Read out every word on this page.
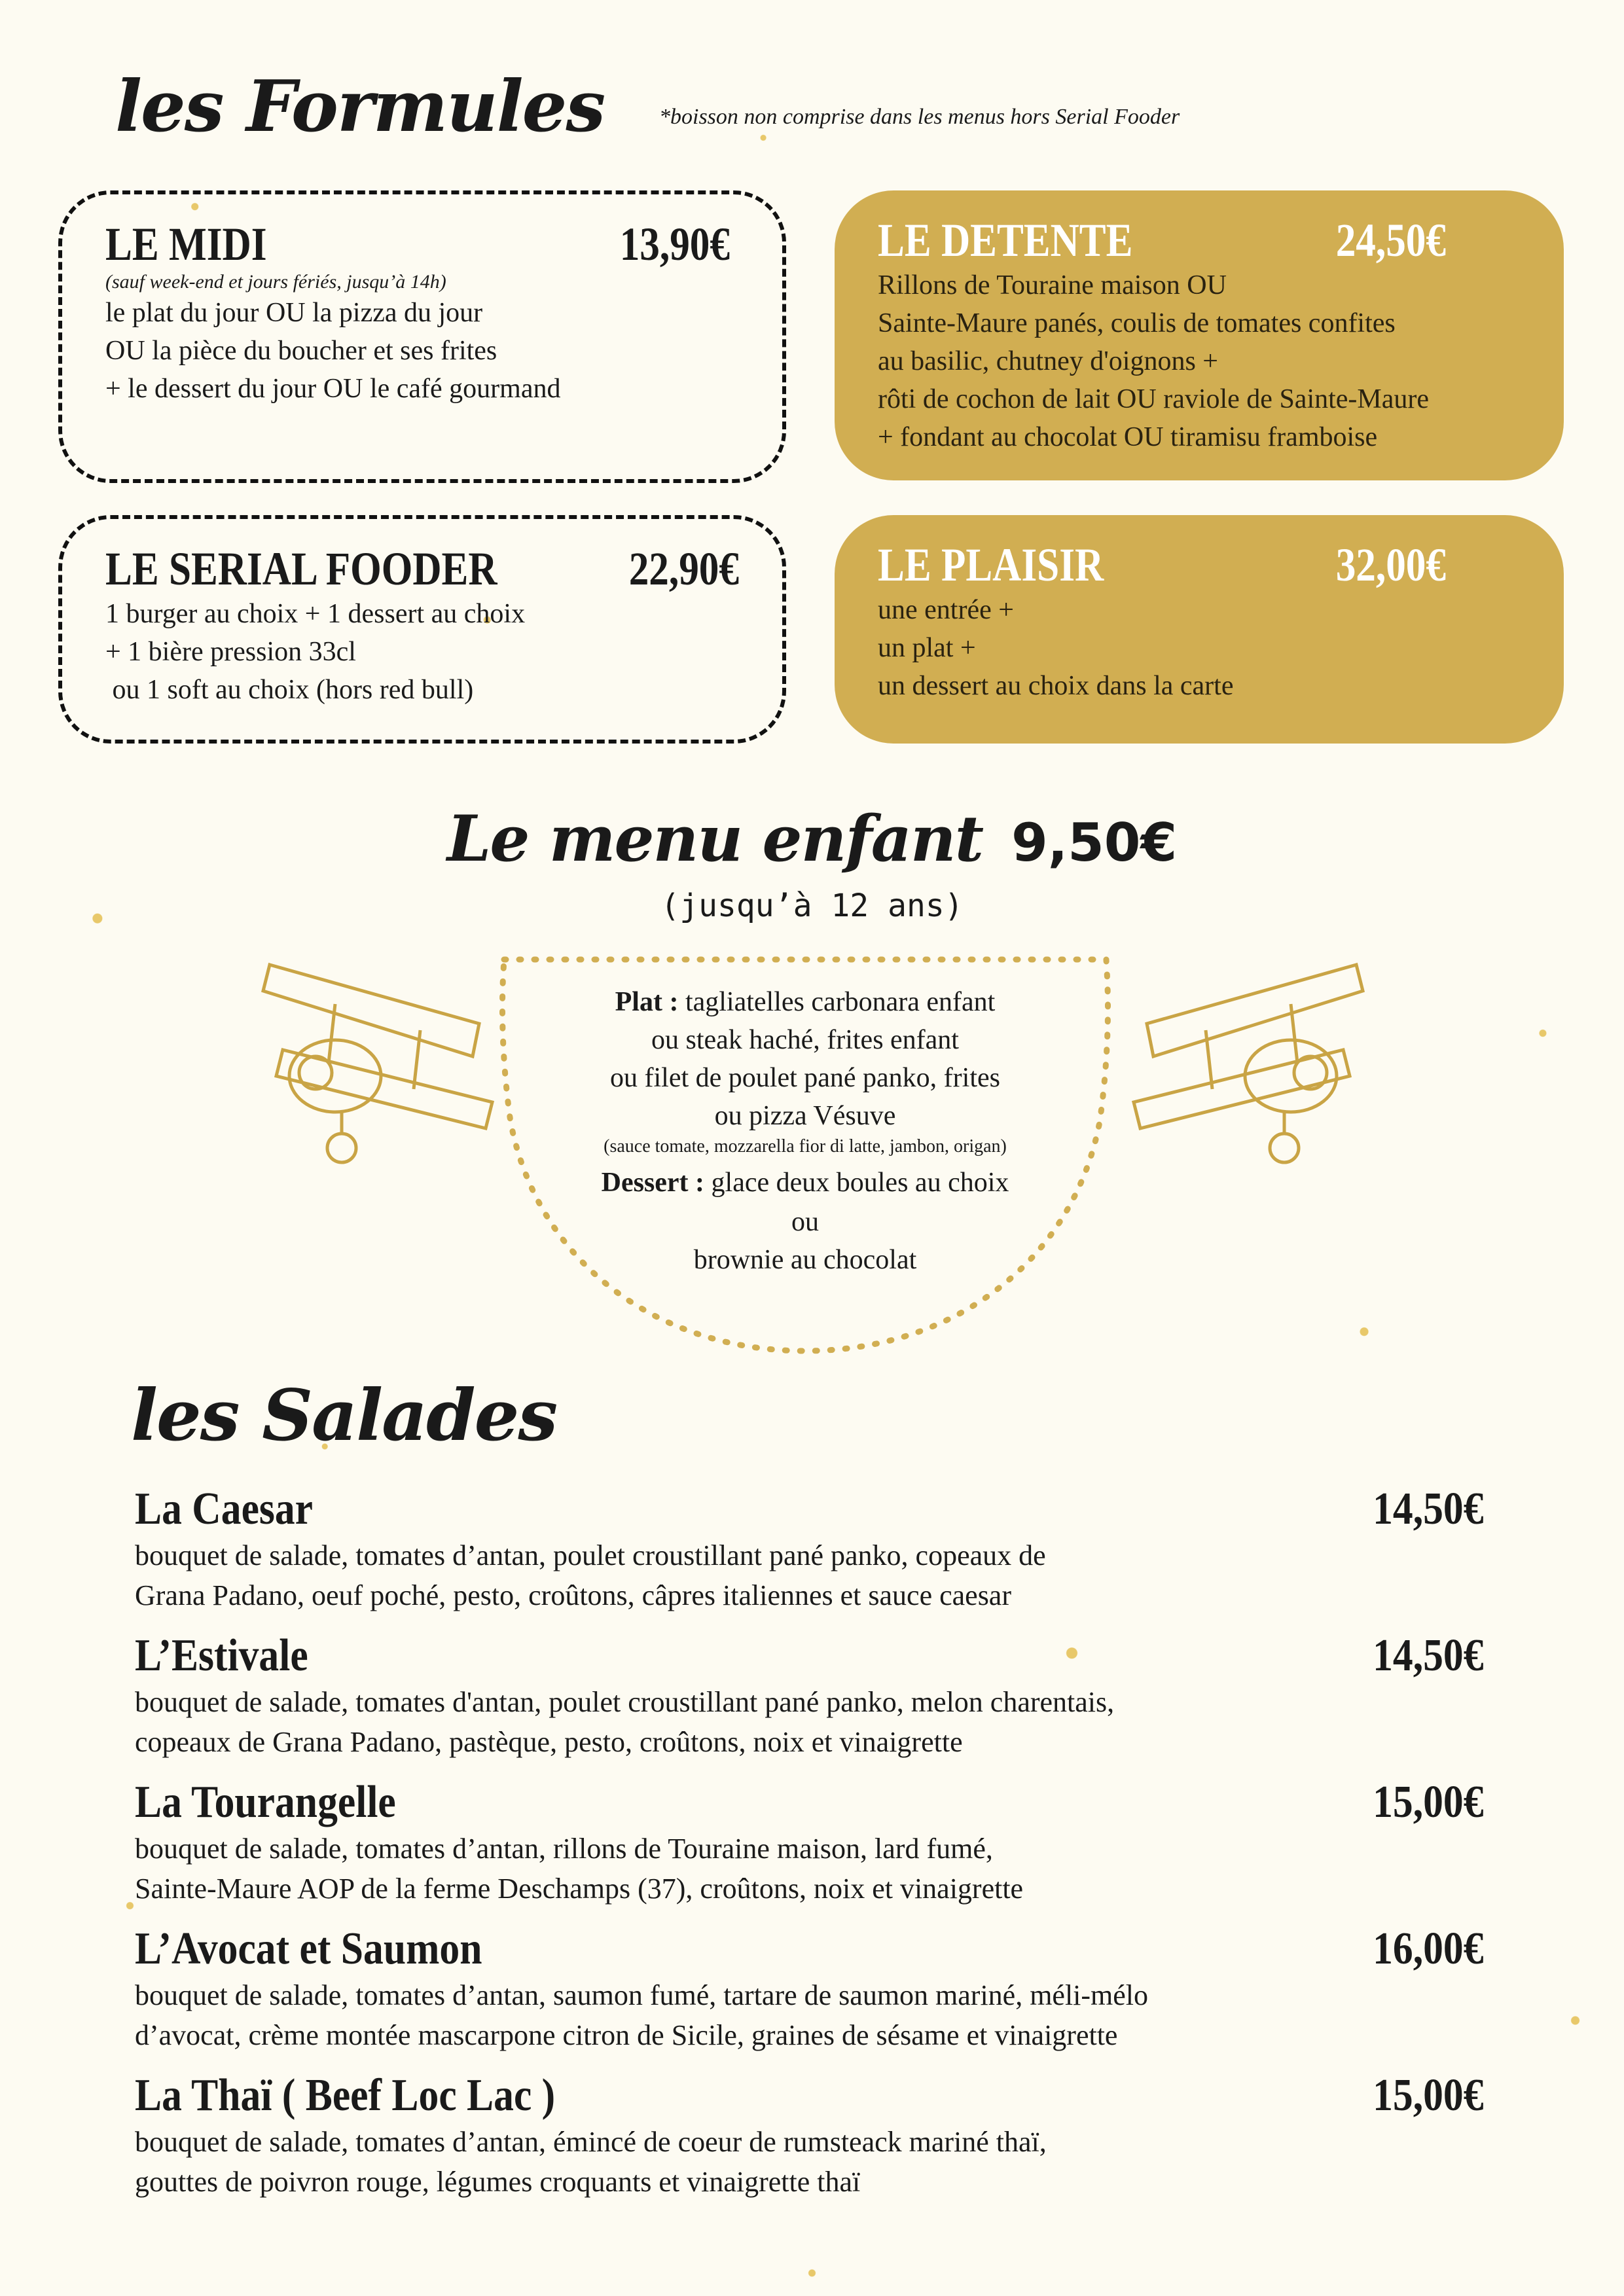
les Formules *boisson non comprise dans les menus hors Serial Fooder
LE MIDI	13,90€
(sauf week-end et jours fériés, jusqu’à 14h)
le plat du jour OU la pizza du jour
OU la pièce du boucher et ses frites
+ le dessert du jour OU le café gourmand
LE DETENTE	24,50€
Rillons de Touraine maison OU
Sainte-Maure panés, coulis de tomates confites
au basilic, chutney d'oignons +
rôti de cochon de lait OU raviole de Sainte-Maure
+ fondant au chocolat OU tiramisu framboise
LE SERIAL FOODER	22,90€
1 burger au choix + 1 dessert au choix
+ 1 bière pression 33cl
ou 1 soft au choix (hors red bull)
LE PLAISIR	32,00€
une entrée +
un plat +
un dessert au choix dans la carte
Le menu enfant 9,50€
(jusqu’à 12 ans)
Plat : tagliatelles carbonara enfant
ou steak haché, frites enfant
ou filet de poulet pané panko, frites
ou pizza Vésuve
(sauce tomate, mozzarella fior di latte, jambon, origan)
Dessert : glace deux boules au choix
ou
brownie au chocolat
les Salades
La Caesar	14,50€
bouquet de salade, tomates d’antan, poulet croustillant pané panko, copeaux de
Grana Padano, oeuf poché, pesto, croûtons, câpres italiennes et sauce caesar
L’Estivale	14,50€
bouquet de salade, tomates d'antan, poulet croustillant pané panko, melon charentais,
copeaux de Grana Padano, pastèque, pesto, croûtons, noix et vinaigrette
La Tourangelle	15,00€
bouquet de salade, tomates d’antan, rillons de Touraine maison, lard fumé,
Sainte-Maure AOP de la ferme Deschamps (37), croûtons, noix et vinaigrette
L’Avocat et Saumon	16,00€
bouquet de salade, tomates d’antan, saumon fumé, tartare de saumon mariné, méli-mélo
d’avocat, crème montée mascarpone citron de Sicile, graines de sésame et vinaigrette
La Thaï ( Beef Loc Lac )	15,00€
bouquet de salade, tomates d’antan, émincé de coeur de rumsteack mariné thaï,
gouttes de poivron rouge, légumes croquants et vinaigrette thaï
